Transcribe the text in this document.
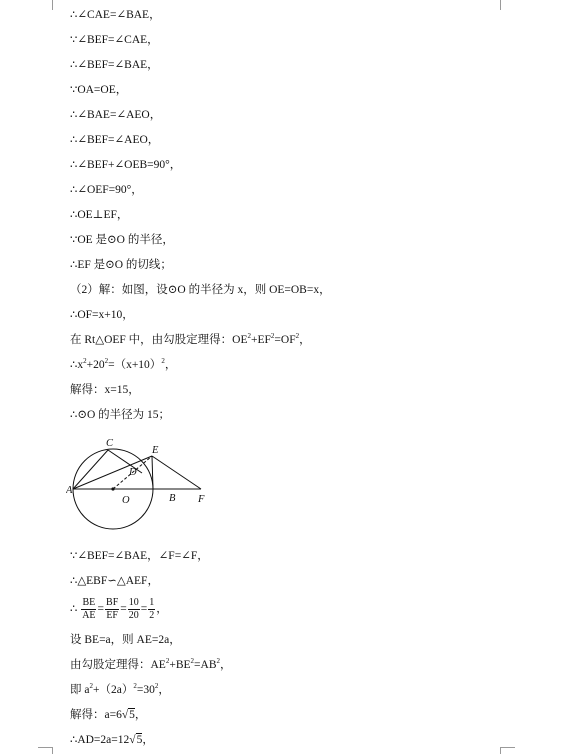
∴∠CAE=∠BAE，
∵∠BEF=∠CAE，
∴∠BEF=∠BAE，
∵OA=OE，
∴∠BAE=∠AEO，
∴∠BEF=∠AEO，
∴∠BEF+∠OEB=90°，
∴∠OEF=90°，
∴OE⊥EF，
∵OE 是⊙O 的半径，
∴EF 是⊙O 的切线；
（2）解：如图，设⊙O 的半径为 x，则 OE=OB=x，
∴OF=x+10，
在 Rt△OEF 中，由勾股定理得：$OE^2+EF^2=OF^2$，
$\therefore x^2+20^2=(x+10)^2$，
解得：x=15，
∴⊙O 的半径为 15；
C
E
D
A
O	B F
∵∠BEF=∠BAE，∠F=∠F，
∴△EBF∽△AEF，
∴ $\frac{BE}{AE} = \frac{BF}{EF} = \frac{10}{20} = \frac{1}{2}$ ，
设 BE=a，则 AE=2a，
由勾股定理得：$AE^2+BE^2=AB^2$，
即 $a^2+(2a)^2=30^2$，
解得：a=6√5，
∴AD=2a=12√5，
